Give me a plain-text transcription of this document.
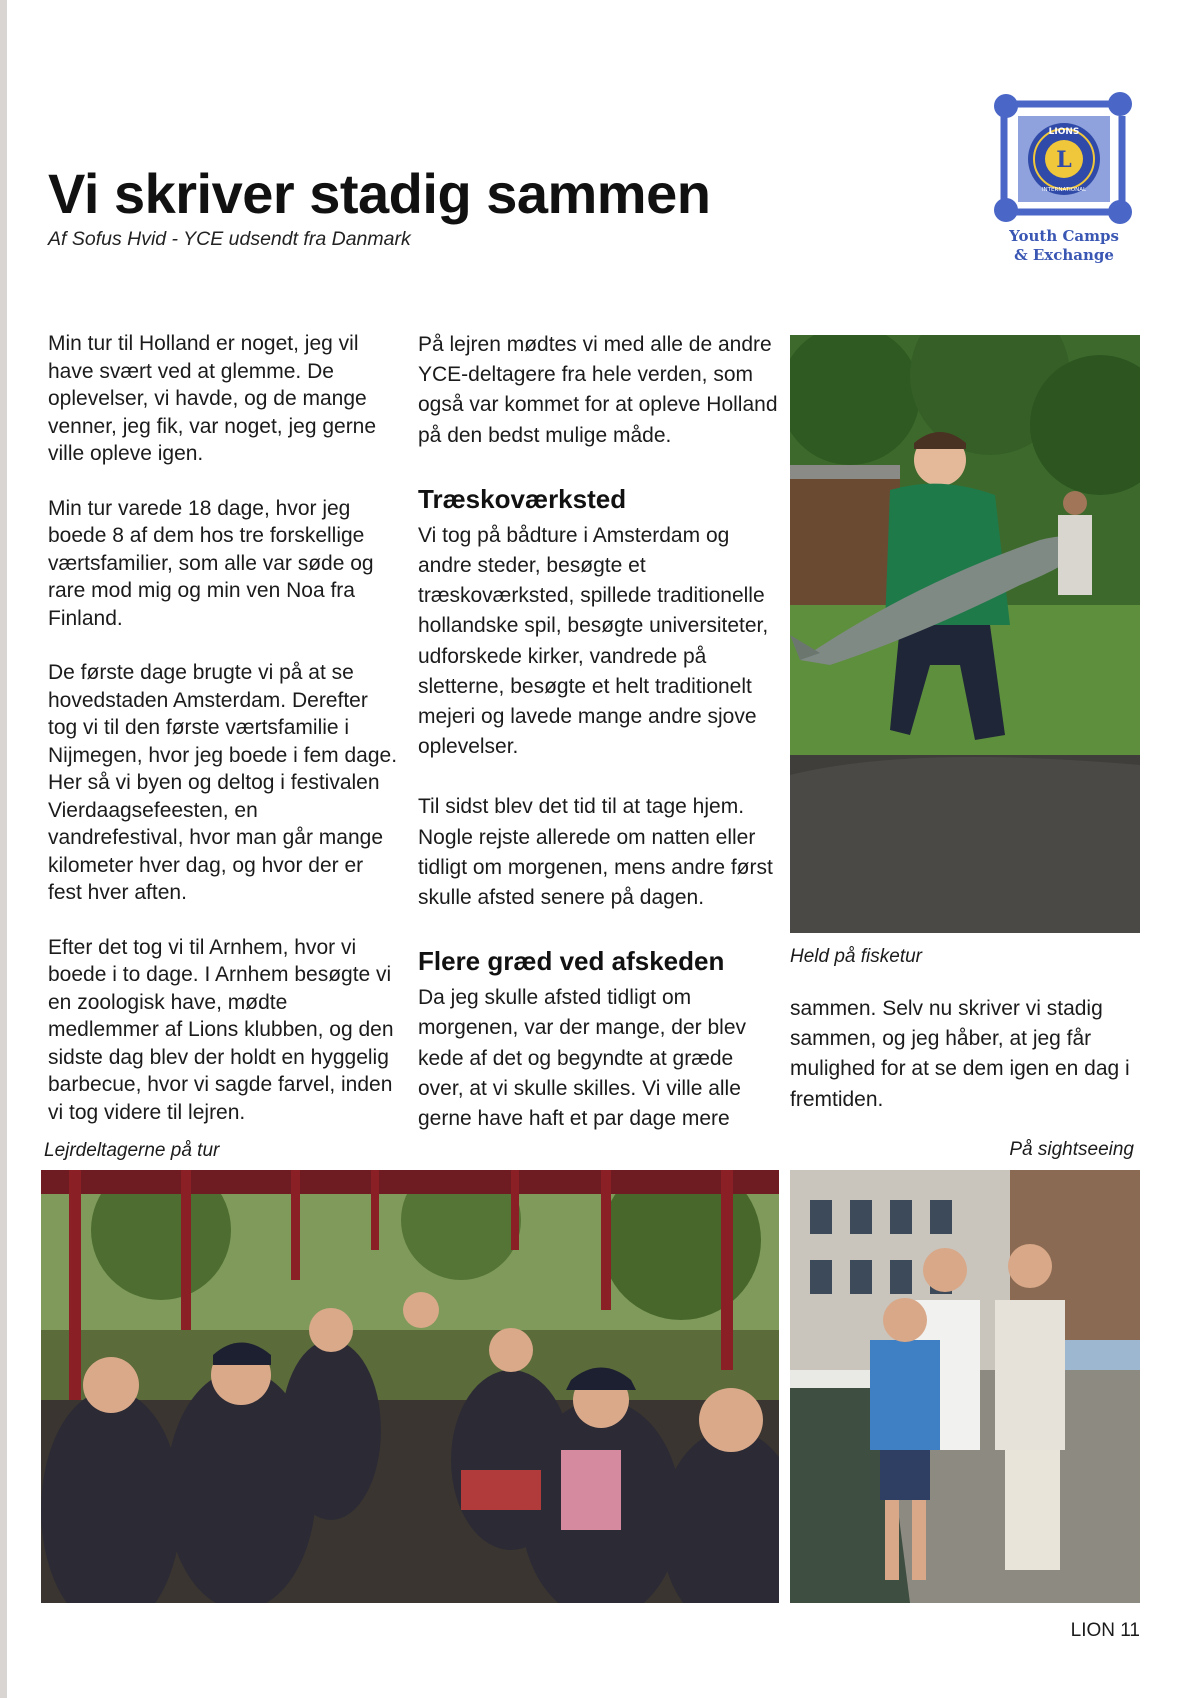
Vi skriver stadig sammen
Af Sofus Hvid - YCE udsendt fra Danmark
L
LIONS
INTERNATIONAL
Youth Camps
& Exchange

Min tur til Holland er noget, jeg vil have svært ved at glemme. De oplevelser, vi havde, og de mange venner, jeg fik, var noget, jeg gerne ville opleve igen.

Min tur varede 18 dage, hvor jeg boede 8 af dem hos tre forskellige værtsfamilier, som alle var søde og rare mod mig og min ven Noa fra Finland.

De første dage brugte vi på at se hovedstaden Amsterdam. Derefter tog vi til den første værtsfamilie i Nijmegen, hvor jeg boede i fem dage. Her så vi byen og deltog i festivalen Vierdaagsefeesten, en vandrefestival, hvor man går mange kilometer hver dag, og hvor der er fest hver aften.

Efter det tog vi til Arnhem, hvor vi boede i to dage. I Arnhem besøgte vi en zoologisk have, mødte medlemmer af Lions klubben, og den sidste dag blev der holdt en hyggelig barbecue, hvor vi sagde farvel, inden vi tog videre til lejren.

På lejren mødtes vi med alle de andre YCE-deltagere fra hele verden, som også var kommet for at opleve Holland på den bedst mulige måde.

Træskoværksted

Vi tog på bådture i Amsterdam og andre steder, besøgte et træskoværksted, spillede traditionelle hollandske spil, besøgte universiteter, udforskede kirker, vandrede på sletterne, besøgte et helt traditionelt mejeri og lavede mange andre sjove oplevelser.

Til sidst blev det tid til at tage hjem. Nogle rejste allerede om natten eller tidligt om morgenen, mens andre først skulle afsted senere på dagen.

Flere græd ved afskeden

Da jeg skulle afsted tidligt om morgenen, var der mange, der blev kede af det og begyndte at græde over, at vi skulle skilles. Vi ville alle gerne have haft et par dage mere

Held på fisketur

sammen. Selv nu skriver vi stadig sammen, og jeg håber, at jeg får mulighed for at se dem igen en dag i fremtiden.

Lejrdeltagerne på tur	På sightseeing
LION 11
